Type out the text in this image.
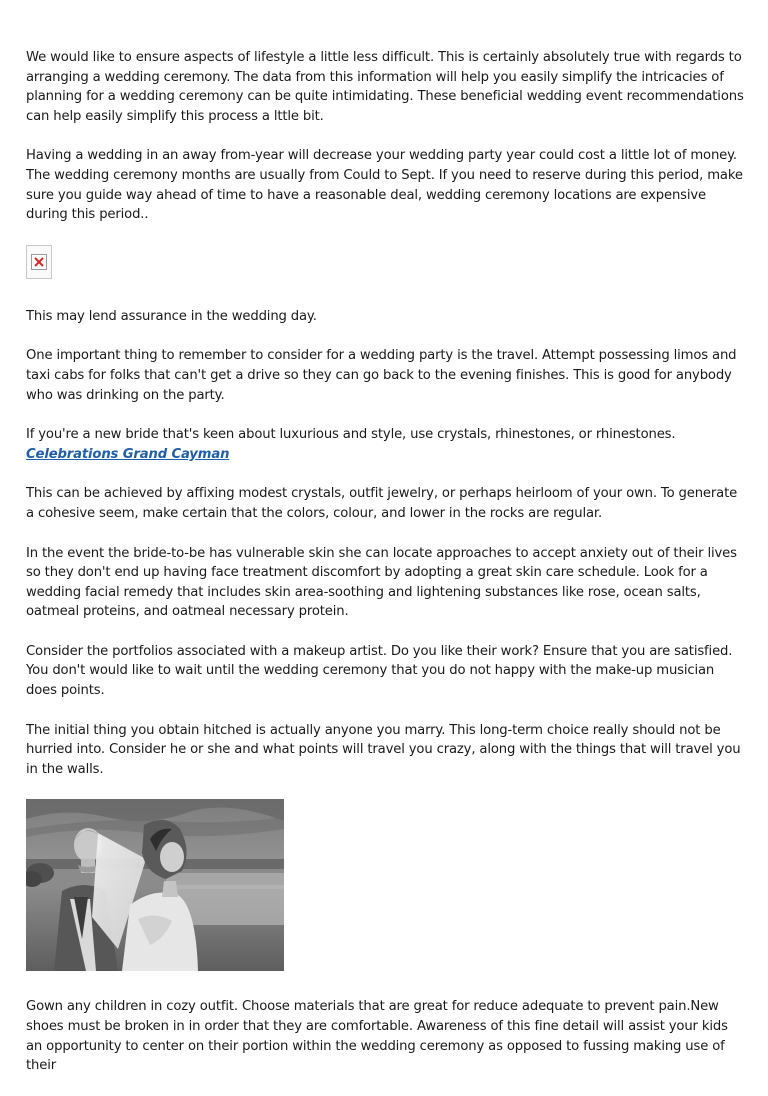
We would like to ensure aspects of lifestyle a little less difficult. This is certainly absolutely true with regards to arranging a wedding ceremony. The data from this information will help you easily simplify the intricacies of planning for a wedding ceremony can be quite intimidating. These beneficial wedding event recommendations can help easily simplify this process a lttle bit.

Having a wedding in an away from-year will decrease your wedding party year could cost a little lot of money. The wedding ceremony months are usually from Could to Sept. If you need to reserve during this period, make sure you guide way ahead of time to have a reasonable deal, wedding ceremony locations are expensive during this period..

This may lend assurance in the wedding day.

One important thing to remember to consider for a wedding party is the travel. Attempt possessing limos and taxi cabs for folks that can't get a drive so they can go back to the evening finishes. This is good for anybody who was drinking on the party.

If you're a new bride that's keen about luxurious and style, use crystals, rhinestones, or rhinestones. Celebrations Grand Cayman

This can be achieved by affixing modest crystals, outfit jewelry, or perhaps heirloom of your own. To generate a cohesive seem, make certain that the colors, colour, and lower in the rocks are regular.

In the event the bride-to-be has vulnerable skin she can locate approaches to accept anxiety out of their lives so they don't end up having face treatment discomfort by adopting a great skin care schedule. Look for a wedding facial remedy that includes skin area-soothing and lightening substances like rose, ocean salts, oatmeal proteins, and oatmeal necessary protein.

Consider the portfolios associated with a makeup artist. Do you like their work? Ensure that you are satisfied. You don't would like to wait until the wedding ceremony that you do not happy with the make-up musician does points.

The initial thing you obtain hitched is actually anyone you marry. This long-term choice really should not be hurried into. Consider he or she and what points will travel you crazy, along with the things that will travel you in the walls.

Gown any children in cozy outfit. Choose materials that are great for reduce adequate to prevent pain.New shoes must be broken in in order that they are comfortable. Awareness of this fine detail will assist your kids an opportunity to center on their portion within the wedding ceremony as opposed to fussing making use of their
